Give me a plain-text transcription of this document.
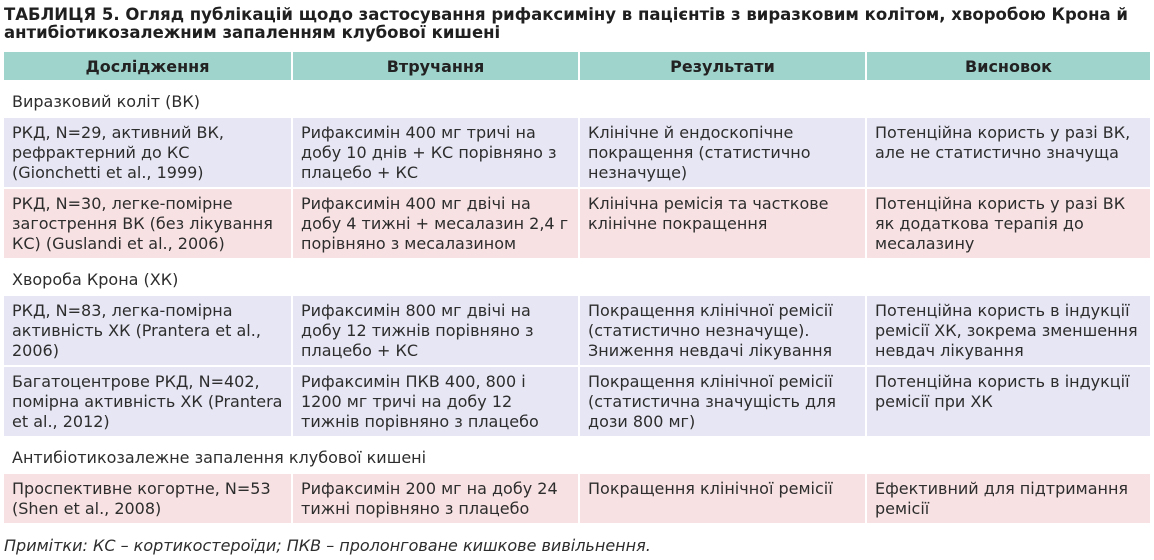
ТАБЛИЦЯ 5. Огляд публікацій щодо застосування рифаксиміну в пацієнтів з виразковим колітом, хворобою Крона й антибіотикозалежним запаленням клубової кишені
Дослідження	Втручання	Результати	Висновок
Виразковий коліт (ВК)			
РКД, N=29, активний ВК, рефрактерний до КС (Gionchetti et al., 1999)	Рифаксимін 400 мг тричі на добу 10 днів + КС порівняно з плацебо + КС	Клінічне й ендоскопічне покращення (статистично незначуще)	Потенційна користь у разі ВК, але не статистично значуща
РКД, N=30, легке-помірне загострення ВК (без лікування КС) (Guslandi et al., 2006)	Рифаксимін 400 мг двічі на добу 4 тижні + месалазин 2,4 г порівняно з месалазином	Клінічна ремісія та часткове клінічне покращення	Потенційна користь у разі ВК як додаткова терапія до месалазину
Хвороба Крона (ХК)			
РКД, N=83, легка-помірна активність ХК (Prantera et al., 2006)	Рифаксимін 800 мг двічі на добу 12 тижнів порівняно з плацебо + КС	Покращення клінічної ремісії (статистично незначуще). Зниження невдачі лікування	Потенційна користь в індукції ремісії ХК, зокрема зменшення невдач лікування
Багатоцентрове РКД, N=402, помірна активність ХК (Prantera et al., 2012)	Рифаксимін ПКВ 400, 800 і 1200 мг тричі на добу 12 тижнів порівняно з плацебо	Покращення клінічної ремісії (статистична значущість для дози 800 мг)	Потенційна користь в індукції ремісії при ХК
Антибіотикозалежне запалення клубової кишені			
Проспективне когортне, N=53 (Shen et al., 2008)	Рифаксимін 200 мг на добу 24 тижні порівняно з плацебо	Покращення клінічної ремісії	Ефективний для підтримання ремісії
Примітки: КС – кортикостероїди; ПКВ – пролонговане кишкове вивільнення.
